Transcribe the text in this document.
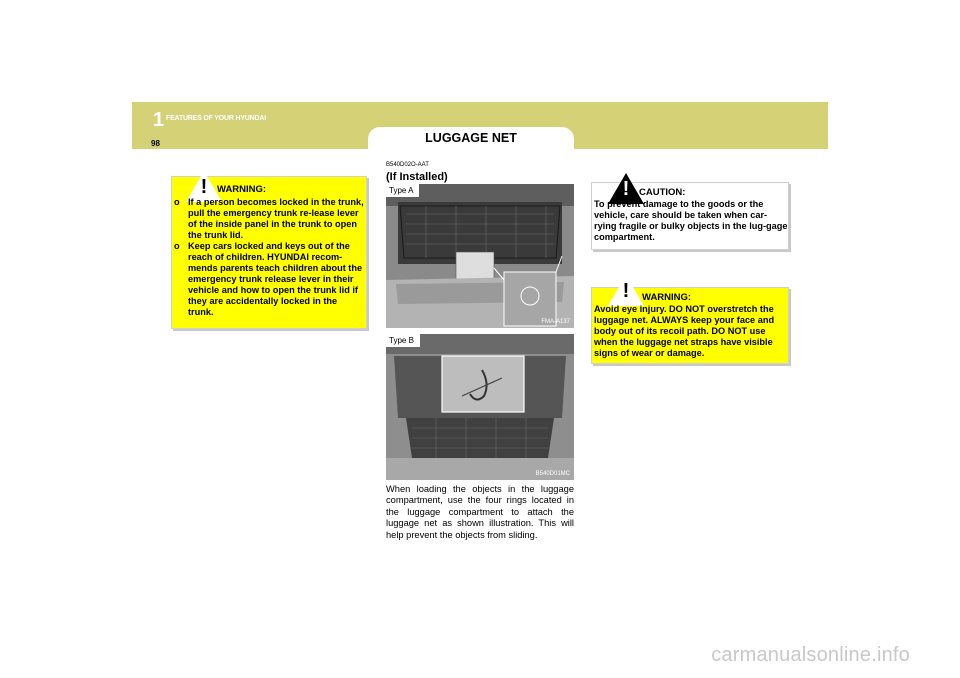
1 FEATURES OF YOUR HYUNDAI
98	LUGGAGE NET
!	WARNING:
o If a person becomes locked in the trunk, pull the emergency trunk re-lease lever of the inside panel in the trunk to open the trunk lid.
o Keep cars locked and keys out of the reach of children. HYUNDAI recom-mends parents teach children about the emergency trunk release lever in their vehicle and how to open the trunk lid if they are accidentally locked in the trunk.
B540D02O-AAT
(If Installed)
Type A
FMA-A137
Type B
B540D01MC
When loading the objects in the luggage compartment, use the four rings located in the luggage compartment to attach the luggage net as shown illustration. This will help prevent the objects from sliding.
!	CAUTION:
To prevent damage to the goods or the vehicle, care should be taken when car-rying fragile or bulky objects in the lug-gage compartment.
!	WARNING:
Avoid eye injury. DO NOT overstretch the luggage net. ALWAYS keep your face and body out of its recoil path. DO NOT use when the luggage net straps have visible signs of wear or damage.
carmanualsonline.info
